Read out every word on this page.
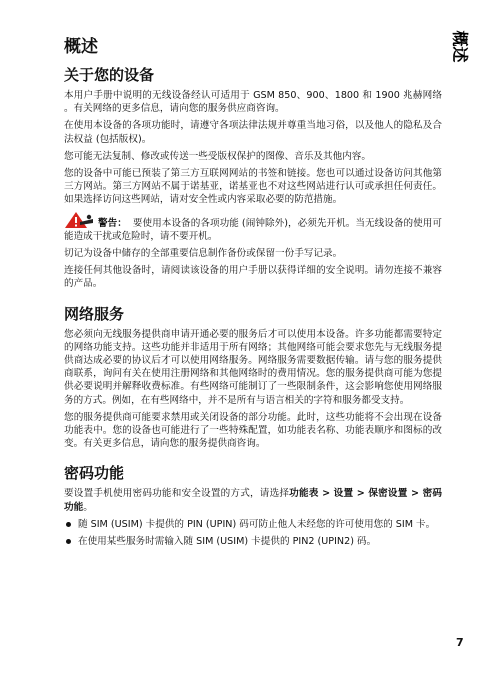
概述
概述
关于您的设备

本用户手册中说明的无线设备经认可适用于 GSM 850、900、1800 和 1900 兆赫网络 。有关网络的更多信息，请向您的服务供应商咨询。

在使用本设备的各项功能时，请遵守各项法律法规并尊重当地习俗，以及他人的隐私及合法权益 (包括版权)。

您可能无法复制、修改或传送一些受版权保护的图像、音乐及其他内容。

您的设备中可能已预装了第三方互联网网站的书签和链接。您也可以通过设备访问其他第三方网站。第三方网站不属于诺基亚，诺基亚也不对这些网站进行认可或承担任何责任。如果选择访问这些网站，请对安全性或内容采取必要的防范措施。

警告： 要使用本设备的各项功能 (闹钟除外)，必须先开机。当无线设备的使用可能造成干扰或危险时，请不要开机。

切记为设备中储存的全部重要信息制作备份或保留一份手写记录。

连接任何其他设备时，请阅读该设备的用户手册以获得详细的安全说明。请勿连接不兼容的产品。

网络服务

您必须向无线服务提供商申请开通必要的服务后才可以使用本设备。许多功能都需要特定的网络功能支持。这些功能并非适用于所有网络；其他网络可能会要求您先与无线服务提供商达成必要的协议后才可以使用网络服务。网络服务需要数据传输。请与您的服务提供商联系，询问有关在使用注册网络和其他网络时的费用情况。您的服务提供商可能为您提供必要说明并解释收费标准。有些网络可能制订了一些限制条件，这会影响您使用网络服务的方式。例如，在有些网络中，并不是所有与语言相关的字符和服务都受支持。

您的服务提供商可能要求禁用或关闭设备的部分功能。此时，这些功能将不会出现在设备功能表中。您的设备也可能进行了一些特殊配置，如功能表名称、功能表顺序和图标的改变。有关更多信息，请向您的服务提供商咨询。

密码功能

要设置手机使用密码功能和安全设置的方式，请选择功能表 > 设置 > 保密设置 > 密码功能。

随 SIM (USIM) 卡提供的 PIN (UPIN) 码可防止他人未经您的许可使用您的 SIM 卡。

在使用某些服务时需输入随 SIM (USIM) 卡提供的 PIN2 (UPIN2) 码。

7
